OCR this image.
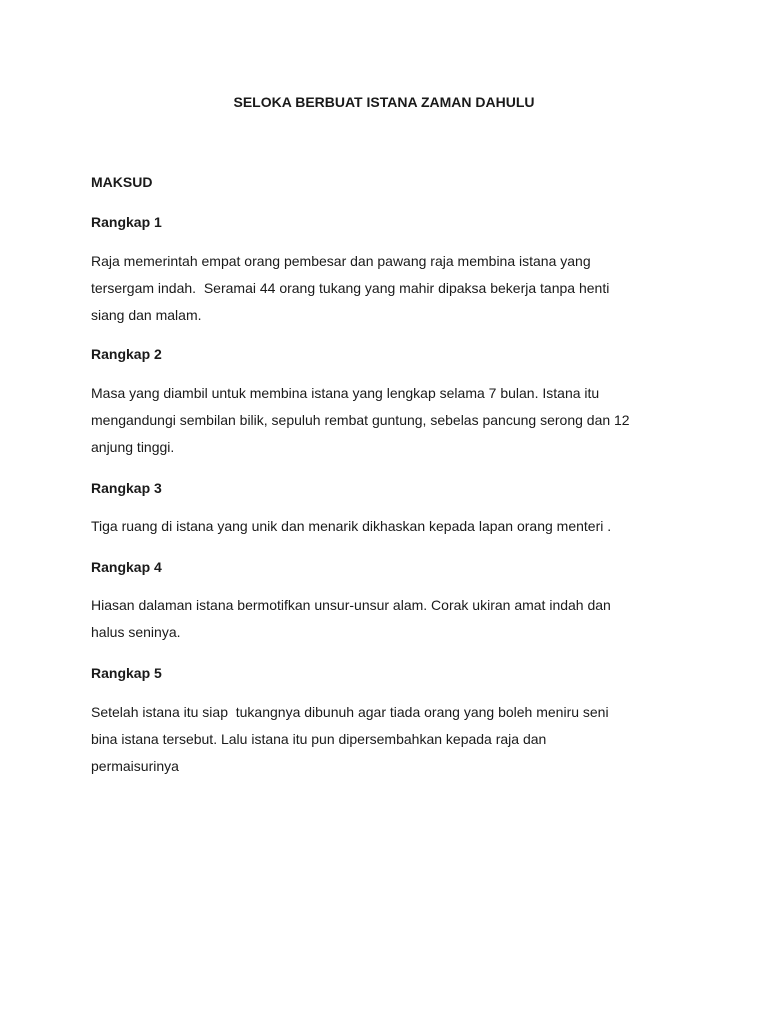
SELOKA BERBUAT ISTANA ZAMAN DAHULU
MAKSUD
Rangkap 1

Raja memerintah empat orang pembesar dan pawang raja membina istana yang
tersergam indah.  Seramai 44 orang tukang yang mahir dipaksa bekerja tanpa henti
siang dan malam.

Rangkap 2

Masa yang diambil untuk membina istana yang lengkap selama 7 bulan. Istana itu
mengandungi sembilan bilik, sepuluh rembat guntung, sebelas pancung serong dan 12
anjung tinggi.

Rangkap 3

Tiga ruang di istana yang unik dan menarik dikhaskan kepada lapan orang menteri .

Rangkap 4

Hiasan dalaman istana bermotifkan unsur-unsur alam. Corak ukiran amat indah dan
halus seninya.

Rangkap 5

Setelah istana itu siap  tukangnya dibunuh agar tiada orang yang boleh meniru seni
bina istana tersebut. Lalu istana itu pun dipersembahkan kepada raja dan
permaisurinya
